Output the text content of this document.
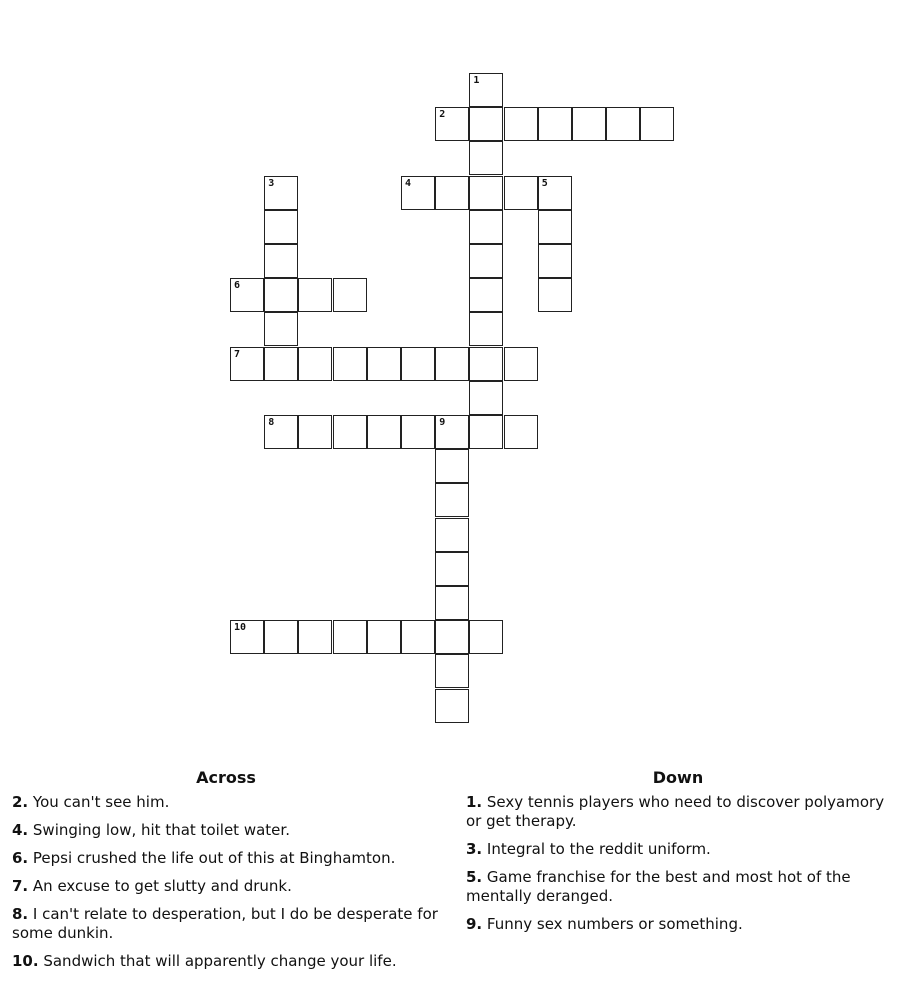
1
2
3	4	5
6
7
8	9
10
Across
2. You can't see him.
4. Swinging low, hit that toilet water.
6. Pepsi crushed the life out of this at Binghamton.
7. An excuse to get slutty and drunk.
8. I can't relate to desperation, but I do be desperate for some dunkin.
10. Sandwich that will apparently change your life.
Down
1. Sexy tennis players who need to discover polyamory or get therapy.
3. Integral to the reddit uniform.
5. Game franchise for the best and most hot of the mentally deranged.
9. Funny sex numbers or something.
